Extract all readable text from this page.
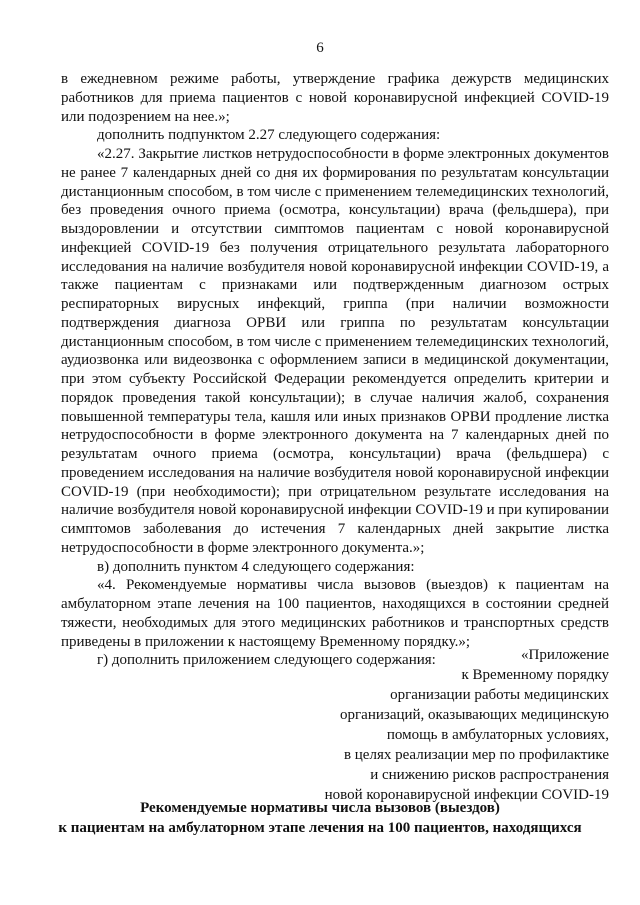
6

в ежедневном режиме работы, утверждение графика дежурств медицинских работников для приема пациентов с новой коронавирусной инфекцией COVID-19 или подозрением на нее.»;

дополнить подпунктом 2.27 следующего содержания:

«2.27. Закрытие листков нетрудоспособности в форме электронных документов не ранее 7 календарных дней со дня их формирования по результатам консультации дистанционным способом, в том числе с применением телемедицинских технологий, без проведения очного приема (осмотра, консультации) врача (фельдшера), при выздоровлении и отсутствии симптомов пациентам с новой коронавирусной инфекцией COVID-19 без получения отрицательного результата лабораторного исследования на наличие возбудителя новой коронавирусной инфекции COVID-19, а также пациентам с признаками или подтвержденным диагнозом острых респираторных вирусных инфекций, гриппа (при наличии возможности подтверждения диагноза ОРВИ или гриппа по результатам консультации дистанционным способом, в том числе с применением телемедицинских технологий, аудиозвонка или видеозвонка с оформлением записи в медицинской документации, при этом субъекту Российской Федерации рекомендуется определить критерии и порядок проведения такой консультации); в случае наличия жалоб, сохранения повышенной температуры тела, кашля или иных признаков ОРВИ продление листка нетрудоспособности в форме электронного документа на 7 календарных дней по результатам очного приема (осмотра, консультации) врача (фельдшера) с проведением исследования на наличие возбудителя новой коронавирусной инфекции COVID-19 (при необходимости); при отрицательном результате исследования на наличие возбудителя новой коронавирусной инфекции COVID-19 и при купировании симптомов заболевания до истечения 7 календарных дней закрытие листка нетрудоспособности в форме электронного документа.»;

в) дополнить пунктом 4 следующего содержания:

«4. Рекомендуемые нормативы числа вызовов (выездов) к пациентам на амбулаторном этапе лечения на 100 пациентов, находящихся в состоянии средней тяжести, необходимых для этого медицинских работников и транспортных средств приведены в приложении к настоящему Временному порядку.»;

г) дополнить приложением следующего содержания:	«Приложение
к Временному порядку
организации работы медицинских
организаций, оказывающих медицинскую
помощь в амбулаторных условиях,
в целях реализации мер по профилактике
и снижению рисков распространения
новой коронавирусной инфекции COVID-19
Рекомендуемые нормативы числа вызовов (выездов)
к пациентам на амбулаторном этапе лечения на 100 пациентов, находящихся
